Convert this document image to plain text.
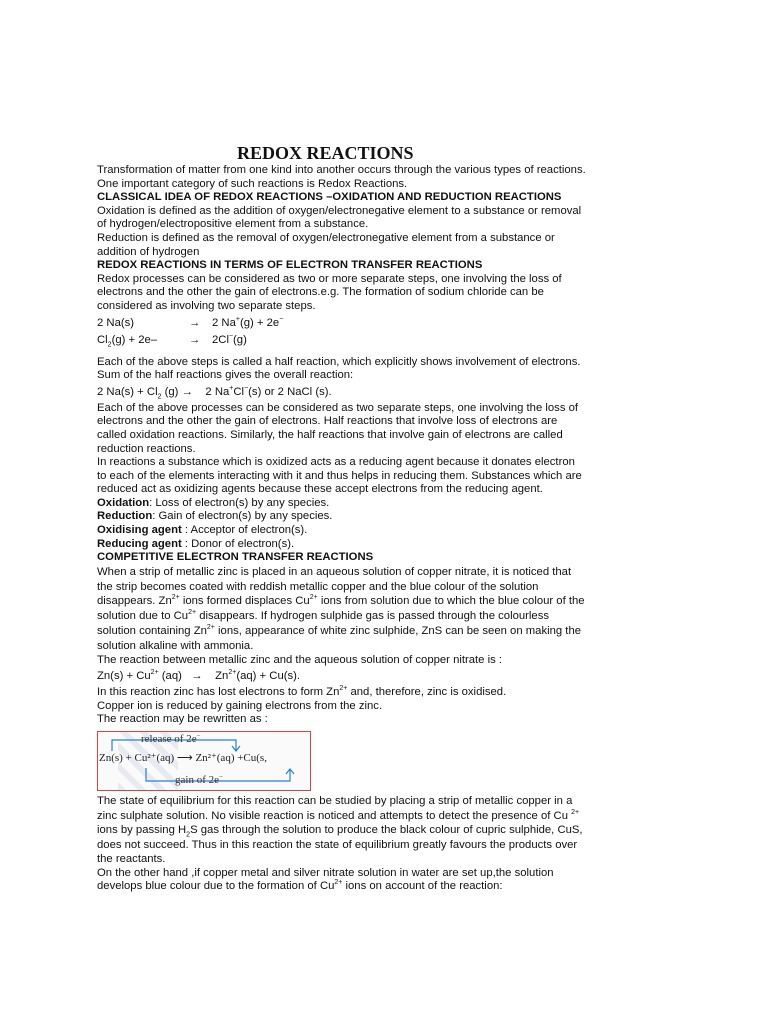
REDOX REACTIONS

Transformation of matter from one kind into another occurs through the various types of reactions. One important category of such reactions is Redox Reactions.

CLASSICAL IDEA OF REDOX REACTIONS –OXIDATION AND REDUCTION REACTIONS

Oxidation is defined as the addition of oxygen/electronegative element to a substance or removal of hydrogen/electropositive element from a substance.

Reduction is defined as the removal of oxygen/electronegative element from a substance or addition of hydrogen

REDOX REACTIONS IN TERMS OF ELECTRON TRANSFER REACTIONS

Redox processes can be considered as two or more separate steps, one involving the loss of electrons and the other the gain of electrons.e.g. The formation of sodium chloride can be considered as involving two separate steps.

2 Na(s)	→ 2 Na+(g) + 2e−

$Cl_2(g) + 2e-$	→ 2Cl−(g)

Each of the above steps is called a half reaction, which explicitly shows involvement of electrons. Sum of the half reactions gives the overall reaction:

2 $Na(s) + Cl_2$ (g) →    2 Na+Cl−(s) or 2 NaCl (s).

Each of the above processes can be considered as two separate steps, one involving the loss of electrons and the other the gain of electrons. Half reactions that involve loss of electrons are called oxidation reactions. Similarly, the half reactions that involve gain of electrons are called reduction reactions.

In reactions a substance which is oxidized acts as a reducing agent because it donates electron to each of the elements interacting with it and thus helps in reducing them. Substances which are reduced act as oxidizing agents because these accept electrons from the reducing agent.

Oxidation: Loss of electron(s) by any species.

Reduction: Gain of electron(s) by any species.

Oxidising agent : Acceptor of electron(s).

Reducing agent : Donor of electron(s).

COMPETITIVE ELECTRON TRANSFER REACTIONS

When a strip of metallic zinc is placed in an aqueous solution of copper nitrate, it is noticed that the strip becomes coated with reddish metallic copper and the blue colour of the solution disappears. $Zn^{2+}$ ions formed displaces $Cu^{2+}$ ions from solution due to which the blue colour of the solution due to $Cu^{2+}$ disappears. If hydrogen sulphide gas is passed through the colourless solution containing $Zn^{2+}$ ions, appearance of white zinc sulphide, ZnS can be seen on making the solution alkaline with ammonia.

The reaction between metallic zinc and the aqueous solution of copper nitrate is :

$Zn(s) + Cu^{2+}$ (aq)   →    $Zn^{2+}(aq) + Cu(s)$.

In this reaction zinc has lost electrons to form $Zn^{2+}$ and, therefore, zinc is oxidised.

Copper ion is reduced by gaining electrons from the zinc.

The reaction may be rewritten as :

release of 2e−
Zn(s) + Cu²⁺(aq) ⟶ Zn²⁺(aq) +Cu(s,
gain of 2e−

The state of equilibrium for this reaction can be studied by placing a strip of metallic copper in a zinc sulphate solution. No visible reaction is noticed and attempts to detect the presence of Cu $^{2+}$ ions by passing $H_2S$ gas through the solution to produce the black colour of cupric sulphide, CuS, does not succeed. Thus in this reaction the state of equilibrium greatly favours the products over the reactants.

On the other hand ,if copper metal and silver nitrate solution in water are set up,the solution develops blue colour due to the formation of $Cu^{2+}$ ions on account of the reaction:
